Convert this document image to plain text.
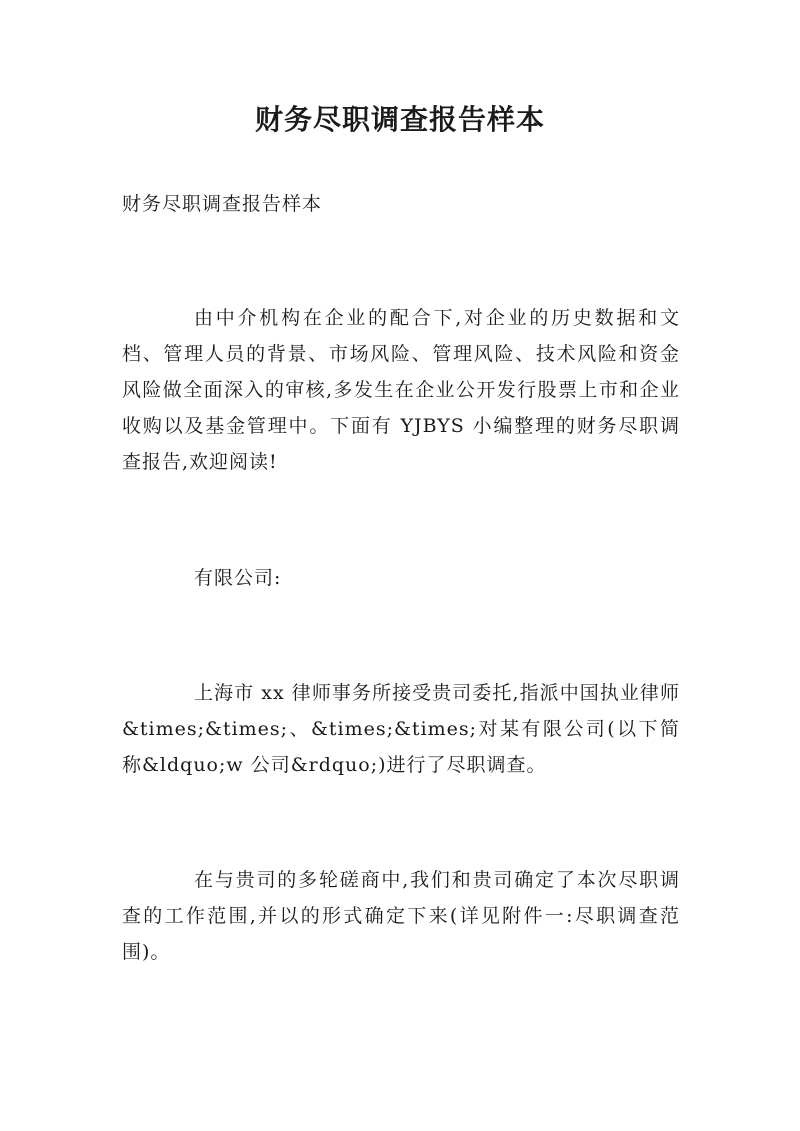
财务尽职调查报告样本

财务尽职调查报告样本

由中介机构在企业的配合下,对企业的历史数据和文档、管理人员的背景、市场风险、管理风险、技术风险和资金风险做全面深入的审核,多发生在企业公开发行股票上市和企业收购以及基金管理中。下面有 YJBYS 小编整理的财务尽职调查报告,欢迎阅读!

有限公司:

上海市 xx 律师事务所接受贵司委托,指派中国执业律师&times;&times;、&times;&times;对某有限公司(以下简称&ldquo;w 公司&rdquo;)进行了尽职调查。

在与贵司的多轮磋商中,我们和贵司确定了本次尽职调查的工作范围,并以的形式确定下来(详见附件一:尽职调查范围)。
